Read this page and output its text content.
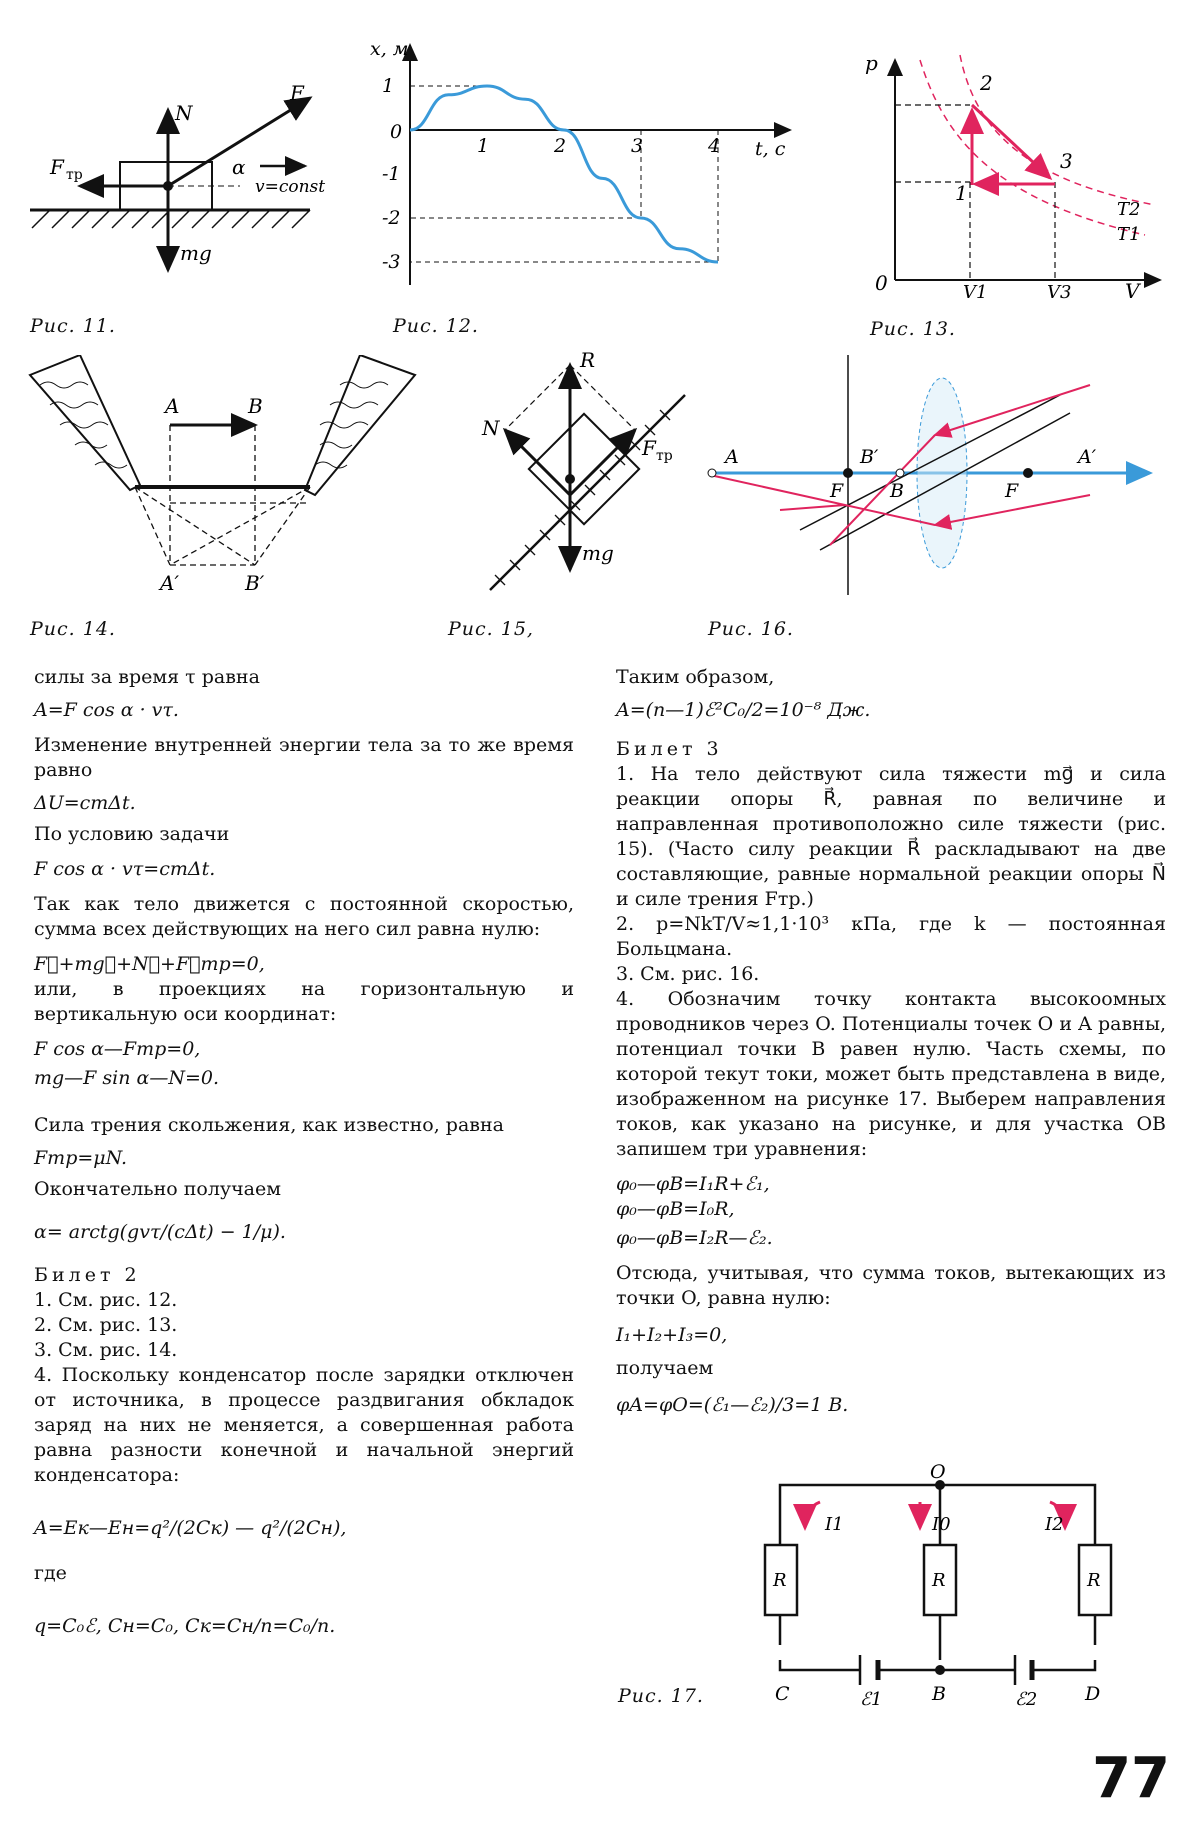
N
F
F тр	α
v=const
mg
Рис. 11.
0
1	2	3	4
1
-1
-2
-3
x, м
t, c
Рис. 12.
p
V
0	V1	V3
1
2
3
T2
T1
Рис. 13.
A	B
A′	B′
Рис. 14.
R
N
F тр
mg
Рис. 15,
A	A′
B′
B
F	F
Рис. 16.

силы за время τ равна

A=F cos α · vτ.

Изменение внутренней энергии тела за то же время равно

ΔU=cmΔt.

По условию задачи

F cos α · vτ=cmΔt.

Так как тело движется с постоянной скоростью, сумма всех действующих на него сил равна нулю:

F⃗+mg⃗+N⃗+F⃗тр=0,

или, в проекциях на горизонтальную и вертикальную оси координат:

F cos α—Fтр=0,

mg—F sin α—N=0.

Сила трения скольжения, как известно, равна

Fтр=μN.

Окончательно получаем

α= arctg(gvτ/(cΔt) − 1/μ).

Билет 2

1. См. рис. 12.

2. См. рис. 13.

3. См. рис. 14.

4. Поскольку конденсатор после зарядки отключен от источника, в процессе раздвигания обкладок заряд на них не меняется, а совершенная работа равна разности конечной и начальной энергий конденсатора:

A=Eк—Eн=q²/(2Cк) — q²/(2Cн),

где

q=C₀ℰ, Cн=C₀, Cк=Cн/n=C₀/n.

Таким образом,

A=(n—1)ℰ²C₀/2=10⁻⁸ Дж.

Билет 3

1. На тело действуют сила тяжести mg⃗ и сила реакции опоры R⃗, равная по величине и направленная противоположно силе тяжести (рис. 15). (Часто силу реакции R⃗ раскладывают на две составляющие, равные нормальной реакции опоры N⃗ и силе трения Fтр.)

2. p=NkT/V≈1,1·10³ кПа, где k — постоянная Больцмана.

3. См. рис. 16.

4. Обозначим точку контакта высокоомных проводников через O. Потенциалы точек O и A равны, потенциал точки B равен нулю. Часть схемы, по которой текут токи, может быть представлена в виде, изображенном на рисунке 17. Выберем направления токов, как указано на рисунке, и для участка OB запишем три уравнения:

φ₀—φB=I₁R+ℰ₁,

φ₀—φB=I₀R,

φ₀—φB=I₂R—ℰ₂.

Отсюда, учитывая, что сумма токов, вытекающих из точки O, равна нулю:

I₁+I₂+I₃=0,

получаем

φA=φO=(ℰ₁—ℰ₂)/3=1 В.

O
C	B	D
R	R	R
I1	I0	I2
ℰ1	ℰ2
Рис. 17.
77
